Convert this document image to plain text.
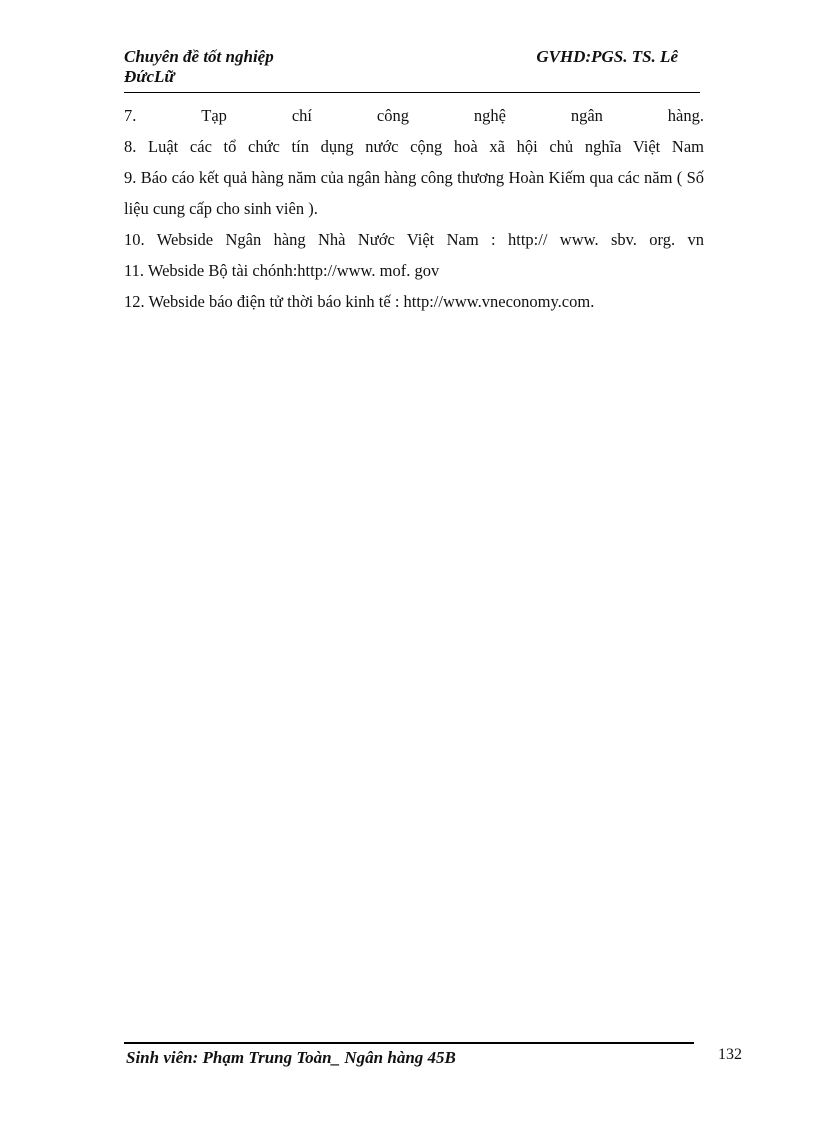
Chuyên đề tốt nghiệp	GVHD:PGS. TS. Lê
ĐứcLữ
7.	Tạp	chí	công	nghệ	ngân	hàng.
8. Luật các tổ chức tín dụng nước cộng hoà xã hội chủ nghĩa Việt Nam
9. Báo cáo kết quả hàng năm của ngân hàng công thương Hoàn Kiếm qua các năm ( Số liệu cung cấp cho sinh viên ).
10. Webside Ngân hàng Nhà Nước Việt Nam : http:// www. sbv. org. vn
11. Webside Bộ tài chónh:http://www. mof. gov
12. Webside báo điện tử thời báo kinh tế : http://www.vneconomy.com.
Sinh viên: Phạm Trung Toàn_ Ngân hàng 45B	132
